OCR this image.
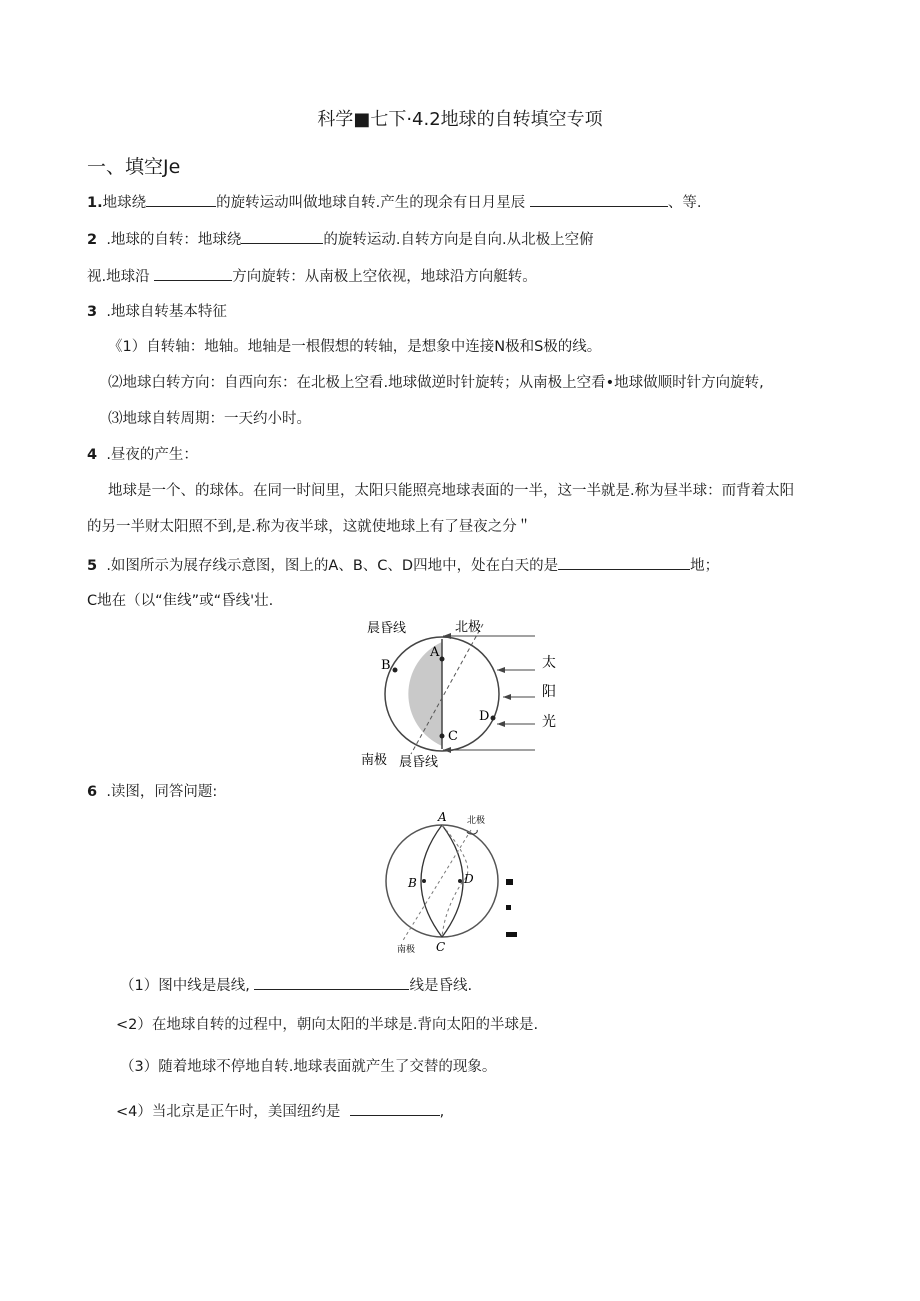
科学■七下·4.2地球的自转填空专项
一、填空Je
1.地球绕	的旋转运动叫做地球自转.产生的现余有日月星辰	、等.
2 .地球的自转：地球绕	的旋转运动.自转方向是自向.从北极上空俯
视.地球沿	方向旋转：从南极上空依视，地球沿方向艇转。
3 .地球自转基本特征
《1）自转轴：地轴。地轴是一根假想的转轴，是想象中连接N极和S极的线。
⑵地球白转方向：自西向东：在北极上空看.地球做逆时针旋转；从南极上空看•地球做顺时针方向旋转,
⑶地球自转周期：一天约小时。
4 .昼夜的产生：
地球是一个、的球体。在同一时间里，太阳只能照亮地球表面的一半，这一半就是.称为昼半球：而背着太阳
的另一半财太阳照不到,是.称为夜半球，这就使地球上有了昼夜之分＂
5 .如图所示为展存线示意图，图上的A、B、C、D四地中，处在白天的是	地；
C地在（以“隹线”或“昏线'壮.
A
B
C
D
晨昏线	北极
南极 晨昏线
太
阳
光
6 .读图，同答问题:
A
B
C
D
北极
南极
（1）图中线是晨线,	线是昏线.
<2）在地球自转的过程中，朝向太阳的半球是.背向太阳的半球是.
（3）随着地球不停地自转.地球表面就产生了交替的现象。
<4）当北京是正午时，美国纽约是	,
